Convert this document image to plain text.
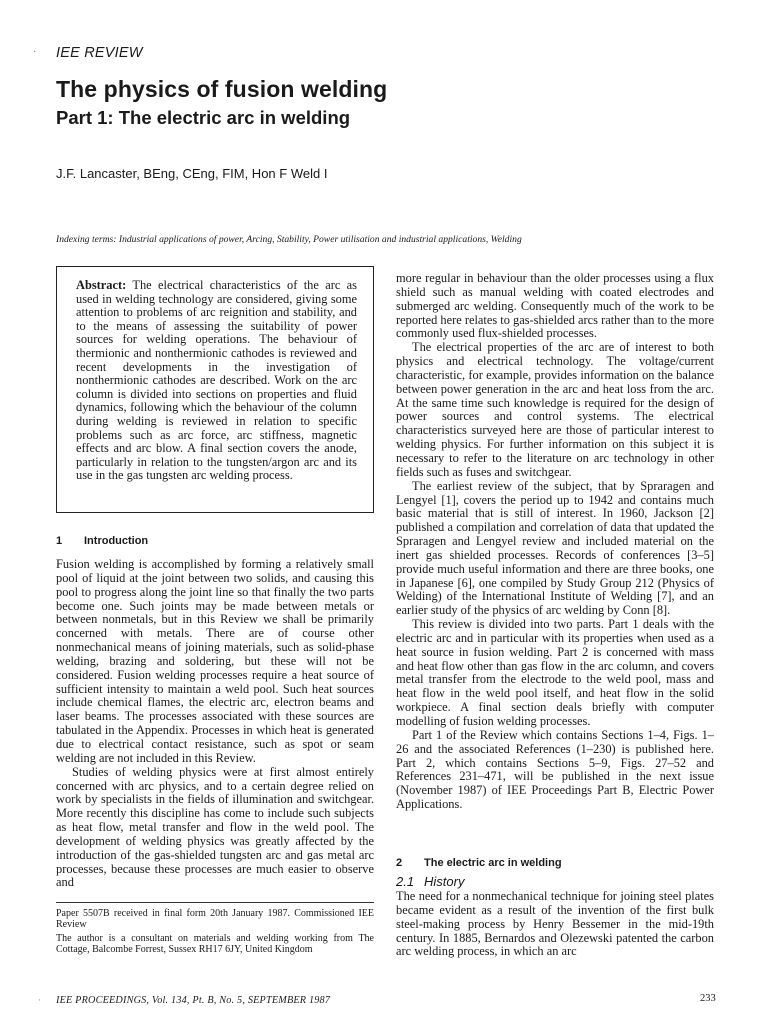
· IEE REVIEW
The physics of fusion welding
Part 1: The electric arc in welding
J.F. Lancaster, BEng, CEng, FIM, Hon F Weld I
Indexing terms: Industrial applications of power, Arcing, Stability, Power utilisation and industrial applications, Welding
Abstract: The electrical characteristics of the arc as used in welding technology are considered, giving some attention to problems of arc reignition and stability, and to the means of assessing the suitability of power sources for welding operations. The behaviour of thermionic and nonthermionic cathodes is reviewed and recent developments in the investigation of nonthermionic cathodes are described. Work on the arc column is divided into sections on properties and fluid dynamics, following which the behaviour of the column during welding is reviewed in relation to specific problems such as arc force, arc stiffness, magnetic effects and arc blow. A final section covers the anode, particularly in relation to the tungsten/argon arc and its use in the gas tungsten arc welding process.
1 Introduction

Fusion welding is accomplished by forming a relatively small pool of liquid at the joint between two solids, and causing this pool to progress along the joint line so that finally the two parts become one. Such joints may be made between metals or between nonmetals, but in this Review we shall be primarily concerned with metals. There are of course other nonmechanical means of joining materials, such as solid-phase welding, brazing and soldering, but these will not be considered. Fusion welding processes require a heat source of sufficient intensity to maintain a weld pool. Such heat sources include chemical flames, the electric arc, electron beams and laser beams. The processes associated with these sources are tabulated in the Appendix. Processes in which heat is generated due to electrical contact resistance, such as spot or seam welding are not included in this Review.

Studies of welding physics were at first almost entirely concerned with arc physics, and to a certain degree relied on work by specialists in the fields of illumination and switchgear. More recently this discipline has come to include such subjects as heat flow, metal transfer and flow in the weld pool. The development of welding physics was greatly affected by the introduction of the gas-shielded tungsten arc and gas metal arc processes, because these processes are much easier to observe and

Paper 5507B received in final form 20th January 1987. Commissioned IEE Review

The author is a consultant on materials and welding working from The Cottage, Balcombe Forrest, Sussex RH17 6JY, United Kingdom

more regular in behaviour than the older processes using a flux shield such as manual welding with coated electrodes and submerged arc welding. Consequently much of the work to be reported here relates to gas-shielded arcs rather than to the more commonly used flux-shielded processes.

The electrical properties of the arc are of interest to both physics and electrical technology. The voltage/current characteristic, for example, provides information on the balance between power generation in the arc and heat loss from the arc. At the same time such knowledge is required for the design of power sources and control systems. The electrical characteristics surveyed here are those of particular interest to welding physics. For further information on this subject it is necessary to refer to the literature on arc technology in other fields such as fuses and switchgear.

The earliest review of the subject, that by Spraragen and Lengyel [1], covers the period up to 1942 and contains much basic material that is still of interest. In 1960, Jackson [2] published a compilation and correlation of data that updated the Spraragen and Lengyel review and included material on the inert gas shielded processes. Records of conferences [3–5] provide much useful information and there are three books, one in Japanese [6], one compiled by Study Group 212 (Physics of Welding) of the International Institute of Welding [7], and an earlier study of the physics of arc welding by Conn [8].

This review is divided into two parts. Part 1 deals with the electric arc and in particular with its properties when used as a heat source in fusion welding. Part 2 is concerned with mass and heat flow other than gas flow in the arc column, and covers metal transfer from the electrode to the weld pool, mass and heat flow in the weld pool itself, and heat flow in the solid workpiece. A final section deals briefly with computer modelling of fusion welding processes.

Part 1 of the Review which contains Sections 1–4, Figs. 1–26 and the associated References (1–230) is published here. Part 2, which contains Sections 5–9, Figs. 27–52 and References 231–471, will be published in the next issue (November 1987) of IEE Proceedings Part B, Electric Power Applications.

2 The electric arc in welding
2.1 History

The need for a nonmechanical technique for joining steel plates became evident as a result of the invention of the first bulk steel-making process by Henry Bessemer in the mid-19th century. In 1885, Bernardos and Olezewski patented the carbon arc welding process, in which an arc

· IEE PROCEEDINGS, Vol. 134, Pt. B, No. 5, SEPTEMBER 1987	233
